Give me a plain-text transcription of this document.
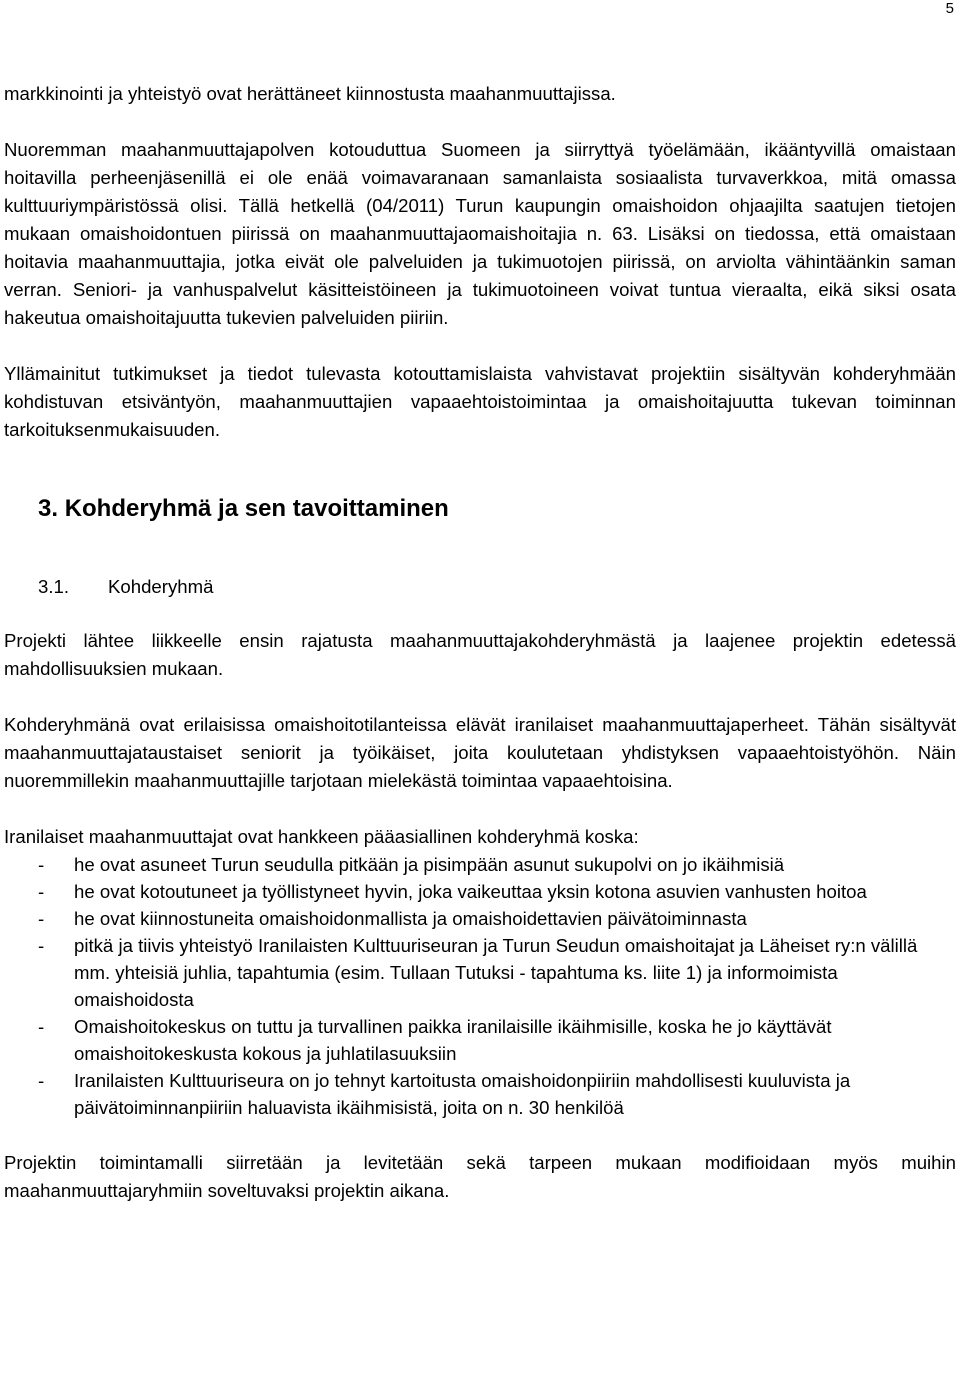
5

markkinointi ja yhteistyö ovat herättäneet kiinnostusta maahanmuuttajissa.

Nuoremman maahanmuuttajapolven kotouduttua Suomeen ja siirryttyä työelämään, ikääntyvillä omaistaan hoitavilla perheenjäsenillä ei ole enää voimavaranaan samanlaista sosiaalista turvaverkkoa, mitä omassa kulttuuriympäristössä olisi. Tällä hetkellä (04/2011) Turun kaupungin omaishoidon ohjaajilta saatujen tietojen mukaan omaishoidontuen piirissä on maahanmuuttajaomaishoitajia n. 63. Lisäksi on tiedossa, että omaistaan hoitavia maahanmuuttajia, jotka eivät ole palveluiden ja tukimuotojen piirissä, on arviolta vähintäänkin saman verran. Seniori- ja vanhuspalvelut käsitteistöineen ja tukimuotoineen voivat tuntua vieraalta, eikä siksi osata hakeutua omaishoitajuutta tukevien palveluiden piiriin.

Yllämainitut tutkimukset ja tiedot tulevasta kotouttamislaista vahvistavat projektiin sisältyvän kohderyhmään kohdistuvan etsiväntyön, maahanmuuttajien vapaaehtoistoimintaa ja omaishoitajuutta tukevan toiminnan tarkoituksenmukaisuuden.

3. Kohderyhmä ja sen tavoittaminen
3.1. Kohderyhmä

Projekti lähtee liikkeelle ensin rajatusta maahanmuuttajakohderyhmästä ja laajenee projektin edetessä mahdollisuuksien mukaan.

Kohderyhmänä ovat erilaisissa omaishoitotilanteissa elävät iranilaiset maahanmuuttajaperheet. Tähän sisältyvät maahanmuuttajataustaiset seniorit ja työikäiset, joita koulutetaan yhdistyksen vapaaehtoistyöhön. Näin nuoremmillekin maahanmuuttajille tarjotaan mielekästä toimintaa vapaaehtoisina.

Iranilaiset maahanmuuttajat ovat hankkeen pääasiallinen kohderyhmä koska:

- he ovat asuneet Turun seudulla pitkään ja pisimpään asunut sukupolvi on jo ikäihmisiä
- he ovat kotoutuneet ja työllistyneet hyvin, joka vaikeuttaa yksin kotona asuvien vanhusten hoitoa
- he ovat kiinnostuneita omaishoidonmallista ja omaishoidettavien päivätoiminnasta
- pitkä ja tiivis yhteistyö Iranilaisten Kulttuuriseuran ja Turun Seudun omaishoitajat ja Läheiset ry:n välillä mm. yhteisiä juhlia, tapahtumia (esim. Tullaan Tutuksi - tapahtuma ks. liite 1) ja informoimista omaishoidosta
- Omaishoitokeskus on tuttu ja turvallinen paikka iranilaisille ikäihmisille, koska he jo käyttävät omaishoitokeskusta kokous ja juhlatilasuuksiin
- Iranilaisten Kulttuuriseura on jo tehnyt kartoitusta omaishoidonpiiriin mahdollisesti kuuluvista ja päivätoiminnanpiiriin haluavista ikäihmisistä, joita on n. 30 henkilöä

Projektin toimintamalli siirretään ja levitetään sekä tarpeen mukaan modifioidaan myös muihin maahanmuuttajaryhmiin soveltuvaksi projektin aikana.
